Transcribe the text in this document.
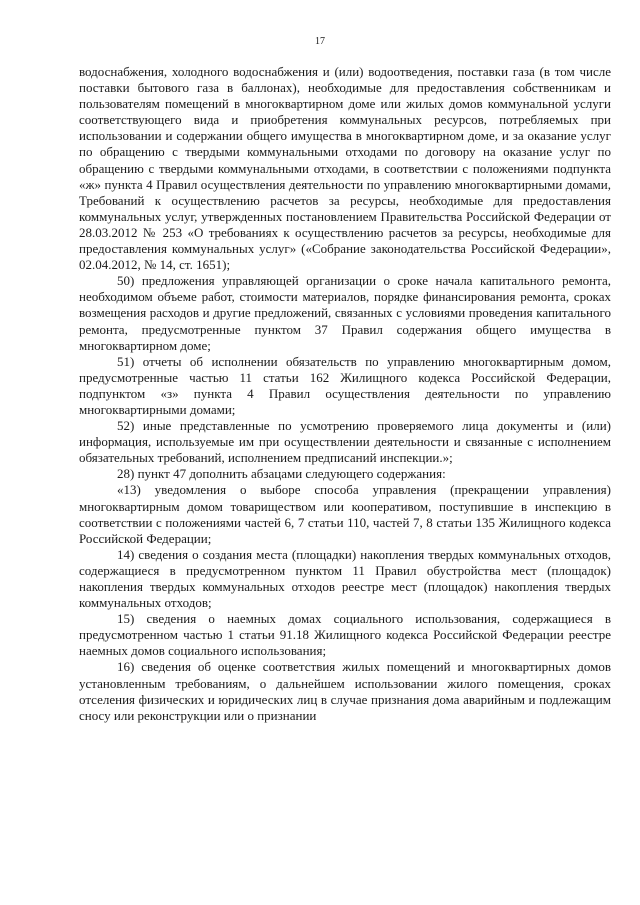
17

водоснабжения, холодного водоснабжения и (или) водоотведения, поставки газа (в том числе поставки бытового газа в баллонах), необходимые для предоставления собственникам и пользователям помещений в многоквартирном доме или жилых домов коммунальной услуги соответствующего вида и приобретения коммунальных ресурсов, потребляемых при использовании и содержании общего имущества в многоквартирном доме, и за оказание услуг по обращению с твердыми коммунальными отходами по договору на оказание услуг по обращению с твердыми коммунальными отходами, в соответствии с положениями подпункта «ж» пункта 4 Правил осуществления деятельности по управлению многоквартирными домами, Требований к осуществлению расчетов за ресурсы, необходимые для предоставления коммунальных услуг, утвержденных постановлением Правительства Российской Федерации от 28.03.2012 № 253 «О требованиях к осуществлению расчетов за ресурсы, необходимые для предоставления коммунальных услуг» («Собрание законодательства Российской Федерации», 02.04.2012, № 14, ст. 1651);

50) предложения управляющей организации о сроке начала капитального ремонта, необходимом объеме работ, стоимости материалов, порядке финансирования ремонта, сроках возмещения расходов и другие предложений, связанных с условиями проведения капитального ремонта, предусмотренные пунктом 37 Правил содержания общего имущества в многоквартирном доме;

51) отчеты об исполнении обязательств по управлению многоквартирным домом, предусмотренные частью 11 статьи 162 Жилищного кодекса Российской Федерации, подпунктом «з» пункта 4 Правил осуществления деятельности по управлению многоквартирными домами;

52) иные представленные по усмотрению проверяемого лица документы и (или) информация, используемые им при осуществлении деятельности и связанные с исполнением обязательных требований, исполнением предписаний инспекции.»;

28) пункт 47 дополнить абзацами следующего содержания:

«13) уведомления о выборе способа управления (прекращении управления) многоквартирным домом товариществом или кооперативом, поступившие в инспекцию в соответствии с положениями частей 6, 7 статьи 110, частей 7, 8 статьи 135 Жилищного кодекса Российской Федерации;

14) сведения о создания места (площадки) накопления твердых коммунальных отходов, содержащиеся в предусмотренном пунктом 11 Правил обустройства мест (площадок) накопления твердых коммунальных отходов реестре мест (площадок) накопления твердых коммунальных отходов;

15) сведения о наемных домах социального использования, содержащиеся в предусмотренном частью 1 статьи 91.18 Жилищного кодекса Российской Федерации реестре наемных домов социального использования;

16) сведения об оценке соответствия жилых помещений и многоквартирных домов установленным требованиям, о дальнейшем использовании жилого помещения, сроках отселения физических и юридических лиц в случае признания дома аварийным и подлежащим сносу или реконструкции или о признании
